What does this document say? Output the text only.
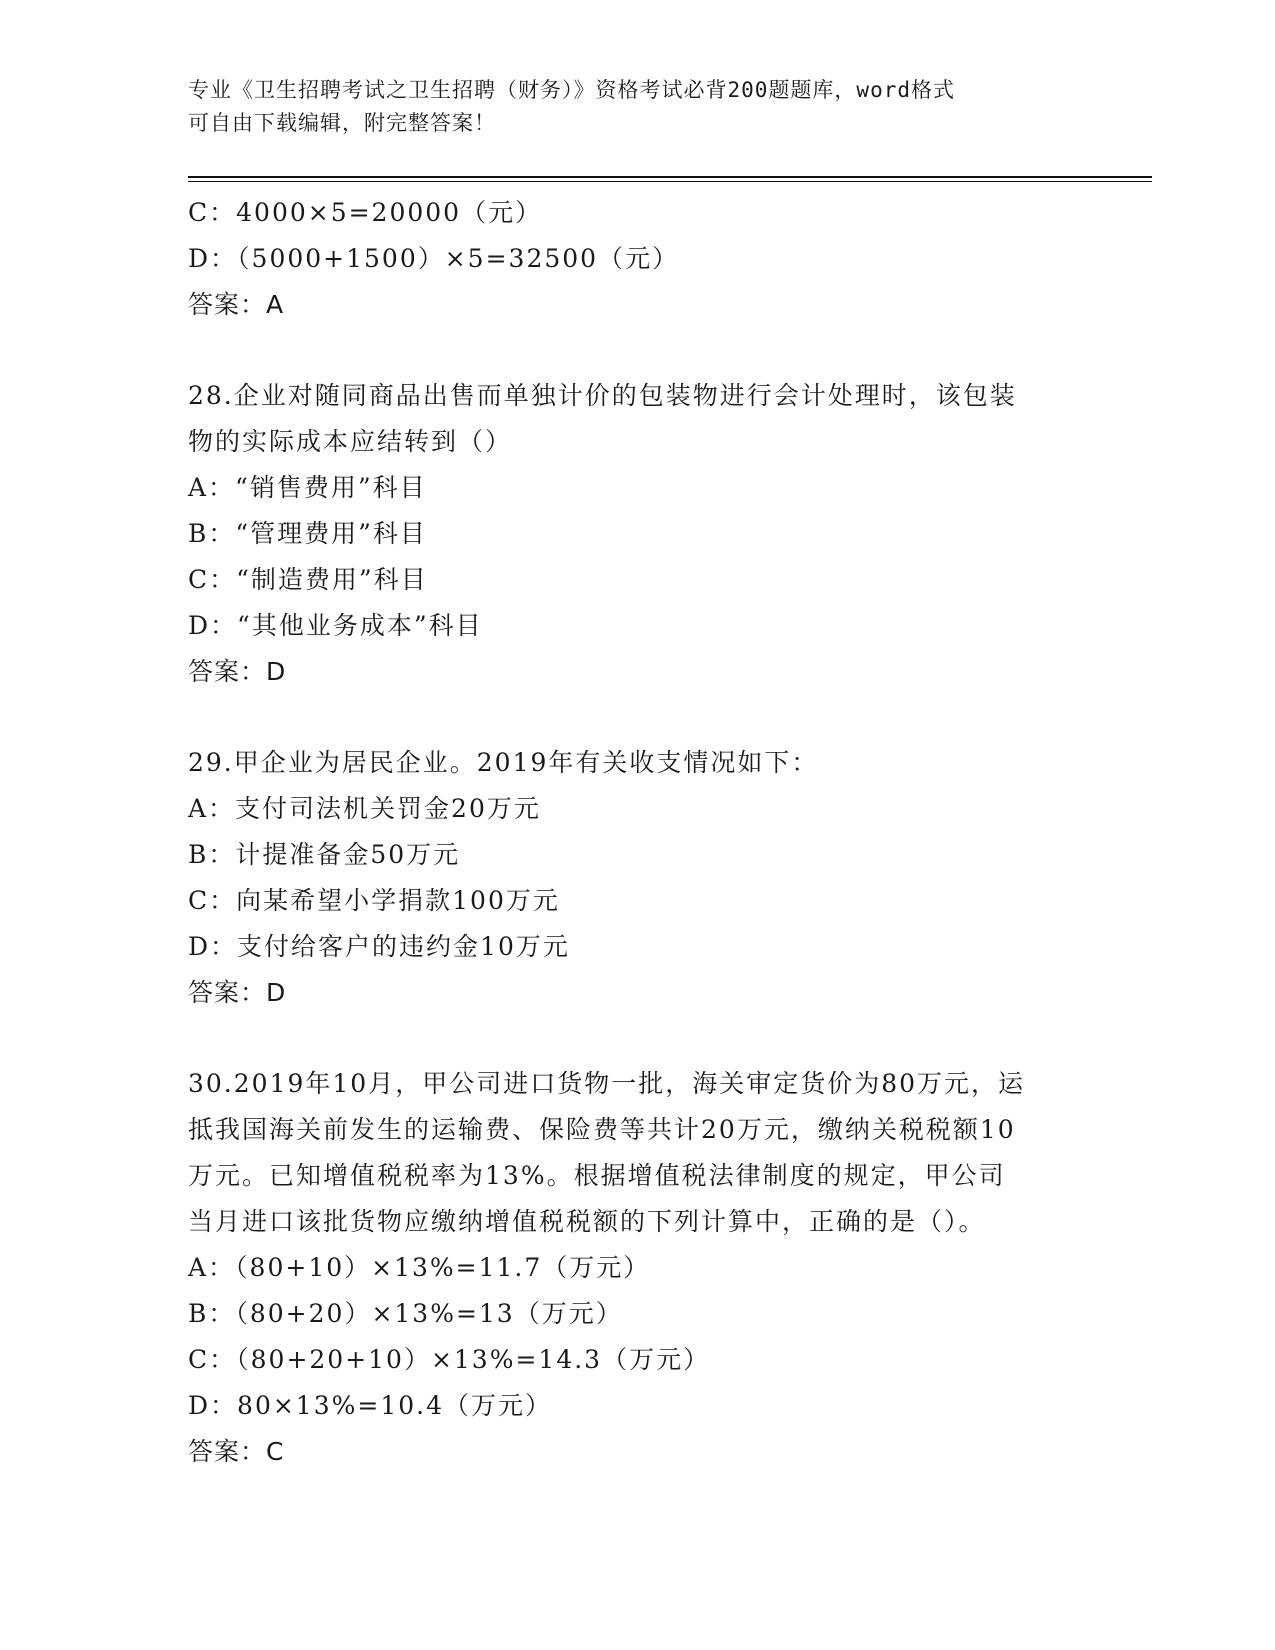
专业《卫生招聘考试之卫生招聘（财务）》资格考试必背200题题库，word格式
可自由下载编辑，附完整答案！
C：4000×5=20000（元）
D：（5000+1500）×5=32500（元）
答案：A
28.企业对随同商品出售而单独计价的包装物进行会计处理时，该包装
物的实际成本应结转到（）
A：“销售费用”科目
B：“管理费用”科目
C：“制造费用”科目
D：“其他业务成本”科目
答案：D
29.甲企业为居民企业。2019年有关收支情况如下：
A：支付司法机关罚金20万元
B：计提准备金50万元
C：向某希望小学捐款100万元
D：支付给客户的违约金10万元
答案：D
30.2019年10月，甲公司进口货物一批，海关审定货价为80万元，运
抵我国海关前发生的运输费、保险费等共计20万元，缴纳关税税额10
万元。已知增值税税率为13%。根据增值税法律制度的规定，甲公司
当月进口该批货物应缴纳增值税税额的下列计算中，正确的是（）。
A：（80+10）×13%=11.7（万元）
B：（80+20）×13%=13（万元）
C：（80+20+10）×13%=14.3（万元）
D：80×13%=10.4（万元）
答案：C
